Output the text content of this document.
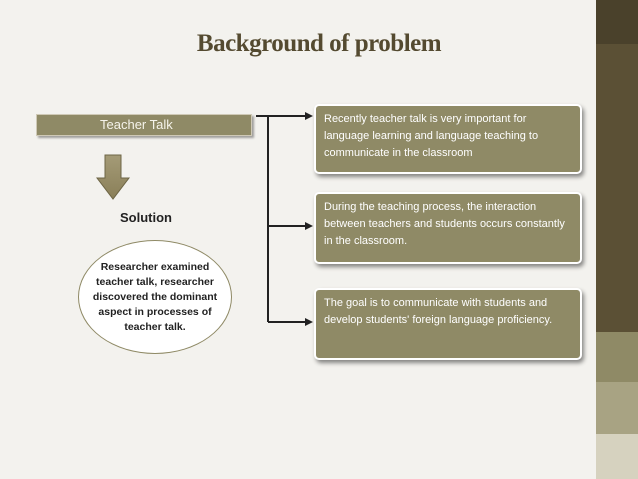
Background of problem
Teacher Talk
Solution
Researcher examined teacher talk, researcher discovered the dominant aspect in processes of teacher talk.
Recently teacher talk is very important for language learning and language teaching to communicate in the classroom
During the teaching process, the interaction between teachers and students occurs constantly in the classroom.
The goal is to communicate with students and develop students' foreign language proficiency.
